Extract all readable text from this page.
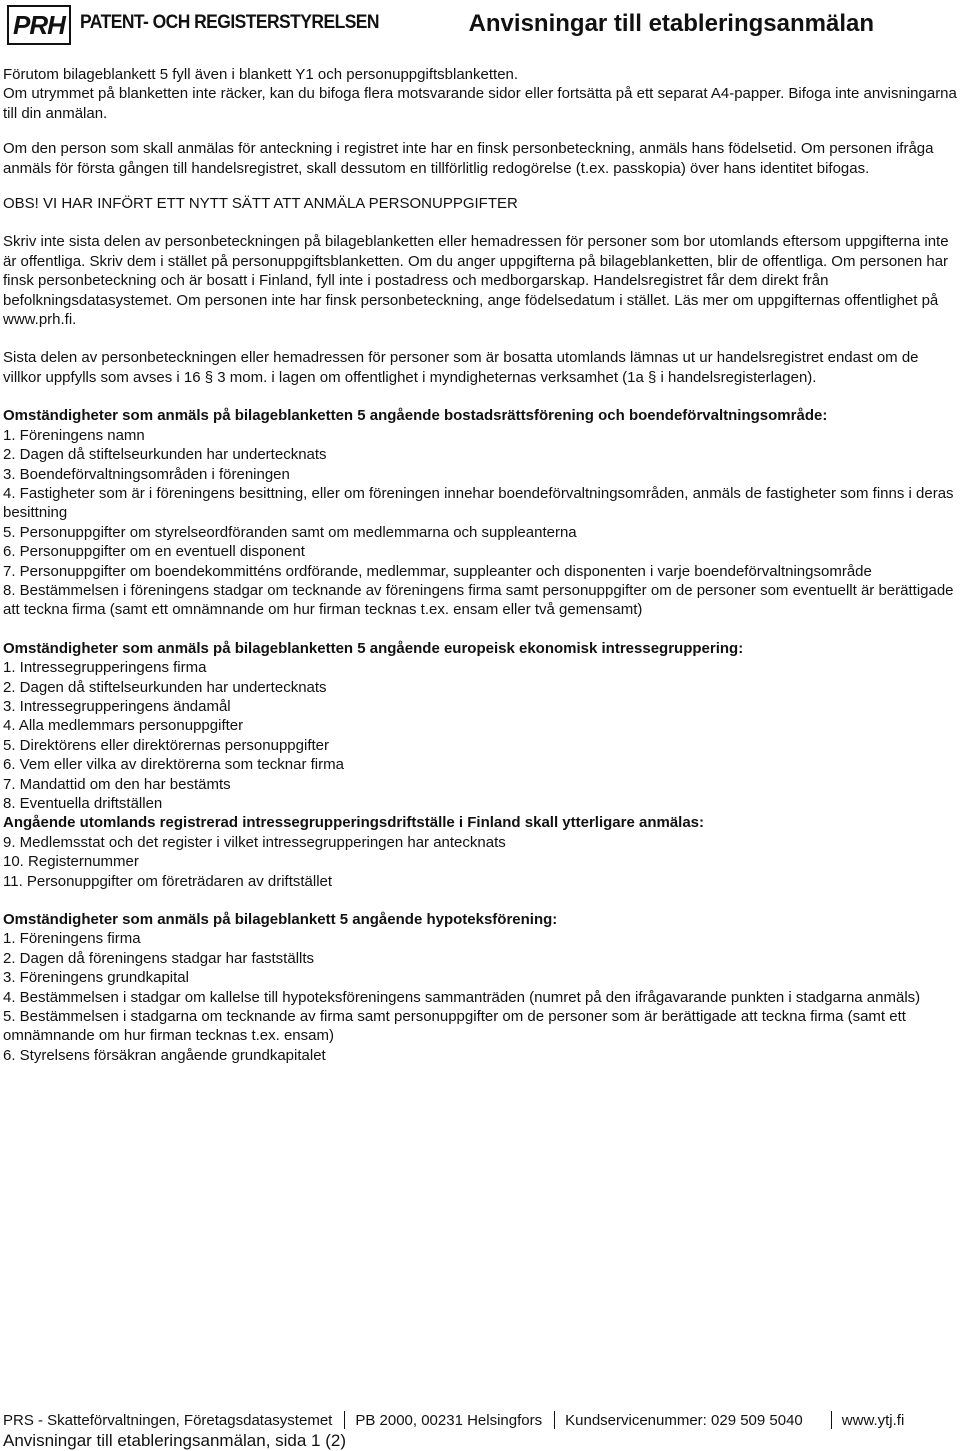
PRH PATENT- OCH REGISTERSTYRELSEN	Anvisningar till etableringsanmälan

Förutom bilageblankett 5 fyll även i blankett Y1 och personuppgiftsblanketten.

Om utrymmet på blanketten inte räcker, kan du bifoga flera motsvarande sidor eller fortsätta på ett separat A4-papper. Bifoga inte anvisningarna till din anmälan.

Om den person som skall anmälas för anteckning i registret inte har en finsk personbeteckning, anmäls hans födelsetid. Om personen ifråga anmäls för första gången till handelsregistret, skall dessutom en tillförlitlig redogörelse (t.ex. passkopia) över hans identitet bifogas.

OBS! VI HAR INFÖRT ETT NYTT SÄTT ATT ANMÄLA PERSONUPPGIFTER

Skriv inte sista delen av personbeteckningen på bilageblanketten eller hemadressen för personer som bor utomlands eftersom uppgifterna inte är offentliga. Skriv dem i stället på personuppgiftsblanketten. Om du anger uppgifterna på bilageblanketten, blir de offentliga. Om personen har finsk personbeteckning och är bosatt i Finland, fyll inte i postadress och medborgarskap. Handelsregistret får dem direkt från befolkningsdatasystemet. Om personen inte har finsk personbeteckning, ange födelsedatum i stället. Läs mer om uppgifternas offentlighet på www.prh.fi.

Sista delen av personbeteckningen eller hemadressen för personer som är bosatta utomlands lämnas ut ur handelsregistret endast om de villkor uppfylls som avses i 16 § 3 mom. i lagen om offentlighet i myndigheternas verksamhet (1a § i handelsregisterlagen).

Omständigheter som anmäls på bilageblanketten 5 angående bostadsrättsförening och boendeförvaltningsområde:

1. Föreningens namn
2. Dagen då stiftelseurkunden har undertecknats
3. Boendeförvaltningsområden i föreningen
4. Fastigheter som är i föreningens besittning, eller om föreningen innehar boendeförvaltningsområden, anmäls de fastigheter som finns i deras besittning
5. Personuppgifter om styrelseordföranden samt om medlemmarna och suppleanterna
6. Personuppgifter om en eventuell disponent
7. Personuppgifter om boendekommitténs ordförande, medlemmar, suppleanter och disponenten i varje boendeförvaltningsområde
8. Bestämmelsen i föreningens stadgar om tecknande av föreningens firma samt personuppgifter om de personer som eventuellt är berättigade att teckna firma (samt ett omnämnande om hur firman tecknas t.ex. ensam eller två gemensamt)

Omständigheter som anmäls på bilageblanketten 5 angående europeisk ekonomisk intressegruppering:

1. Intressegrupperingens firma
2. Dagen då stiftelseurkunden har undertecknats
3. Intressegrupperingens ändamål
4. Alla medlemmars personuppgifter
5. Direktörens eller direktörernas personuppgifter
6. Vem eller vilka av direktörerna som tecknar firma
7. Mandattid om den har bestämts
8. Eventuella driftställen

Angående utomlands registrerad intressegrupperingsdriftställe i Finland skall ytterligare anmälas:

9. Medlemsstat och det register i vilket intressegrupperingen har antecknats
10. Registernummer
11. Personuppgifter om företrädaren av driftstället

Omständigheter som anmäls på bilageblankett 5 angående hypoteksförening:

1. Föreningens firma
2. Dagen då föreningens stadgar har fastställts
3. Föreningens grundkapital
4. Bestämmelsen i stadgar om kallelse till hypoteksföreningens sammanträden (numret på den ifrågavarande punkten i stadgarna anmäls)
5. Bestämmelsen i stadgarna om tecknande av firma samt personuppgifter om de personer som är berättigade att teckna firma (samt ett omnämnande om hur firman tecknas t.ex. ensam)
6. Styrelsens försäkran angående grundkapitalet
PRS - Skatteförvaltningen, Företagsdatasystemet	PB 2000, 00231 Helsingfors	Kundservicenummer: 029 509 5040	www.ytj.fi
Anvisningar till etableringsanmälan, sida 1 (2)
